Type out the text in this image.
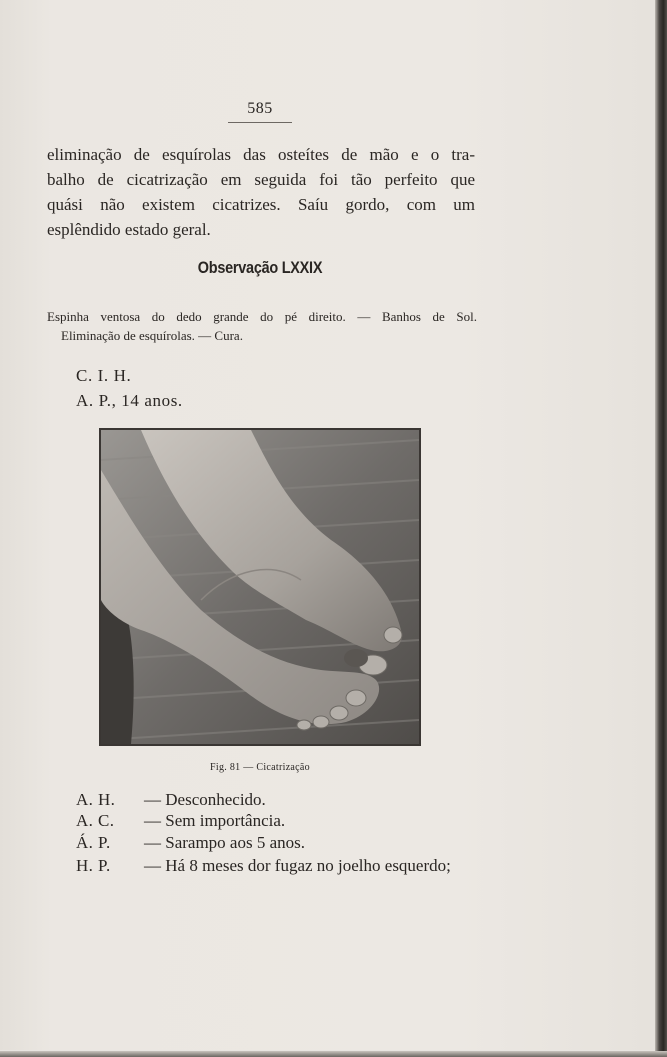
585
eliminação de esquírolas das osteítes de mão e o tra-
balho de cicatrização em seguida foi tão perfeito que
quási não existem cicatrizes. Saíu gordo, com um
esplêndido estado geral.
Observação LXXIX
Espinha ventosa do dedo grande do pé direito. — Banhos de Sol.
Eliminação de esquírolas. — Cura.
C. I. H.
A. P., 14 anos.
Fig. 81 — Cicatrização
A. H. — Desconhecido.
A. C. — Sem importância.
Á. P. — Sarampo aos 5 anos.
H. P. — Há 8 meses dor fugaz no joelho esquerdo;
